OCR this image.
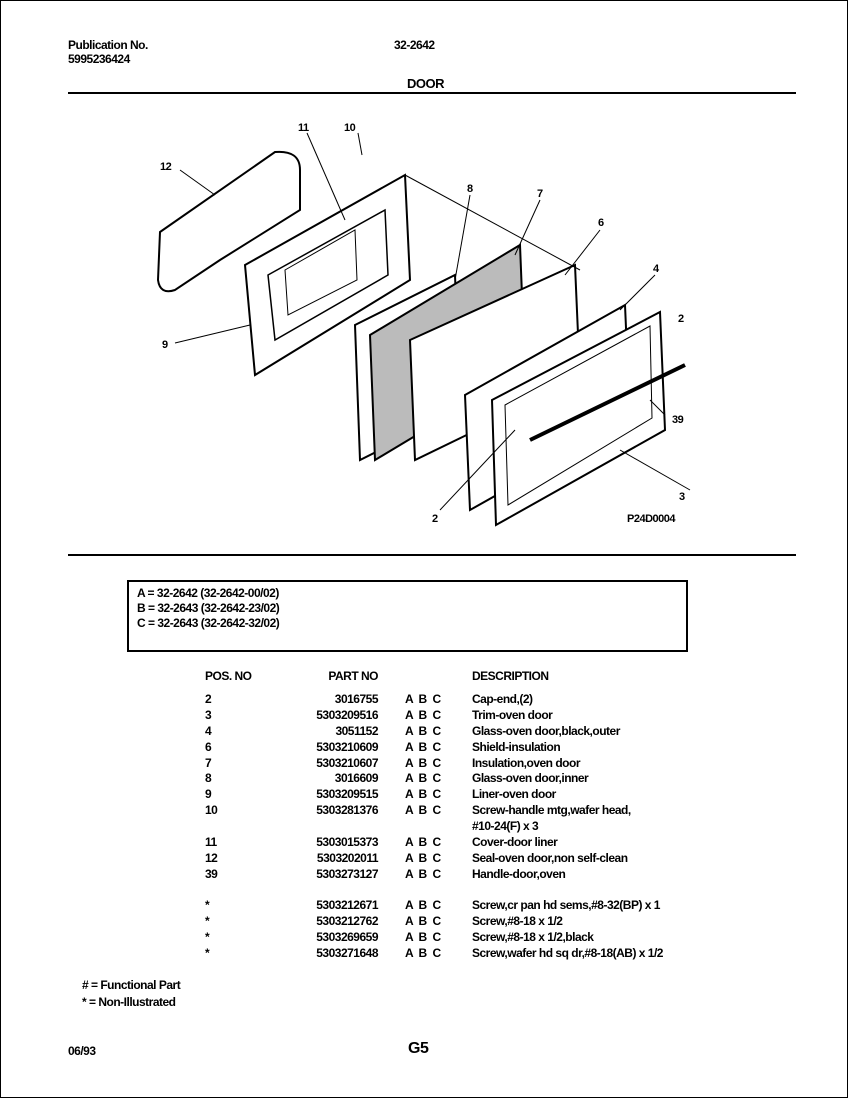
Publication No.
5995236424
32-2642
DOOR
11	10
12
8	7
6
4
2
9
39
3
2	P24D0004
A = 32-2642 (32-2642-00/02)
B = 32-2643 (32-2642-23/02)
C = 32-2643 (32-2642-32/02)
POS. NO	PART NO	DESCRIPTION
2	3016755 A B C	Cap-end,(2)
3	5303209516 A B C	Trim-oven door
4	3051152 A B C	Glass-oven door,black,outer
6	5303210609 A B C	Shield-insulation
7	5303210607 A B C	Insulation,oven door
8	3016609 A B C	Glass-oven door,inner
9	5303209515 A B C	Liner-oven door
10	5303281376 A B C	Screw-handle mtg,wafer head,
#10-24(F) x 3
11	5303015373 A B C	Cover-door liner
12	5303202011 A B C	Seal-oven door,non self-clean
39	5303273127 A B C	Handle-door,oven
*	5303212671 A B C	Screw,cr pan hd sems,#8-32(BP) x 1
*	5303212762 A B C	Screw,#8-18 x 1/2
*	5303269659 A B C	Screw,#8-18 x 1/2,black
*	5303271648 A B C	Screw,wafer hd sq dr,#8-18(AB) x 1/2
# = Functional Part
* = Non-Illustrated
06/93	G5
